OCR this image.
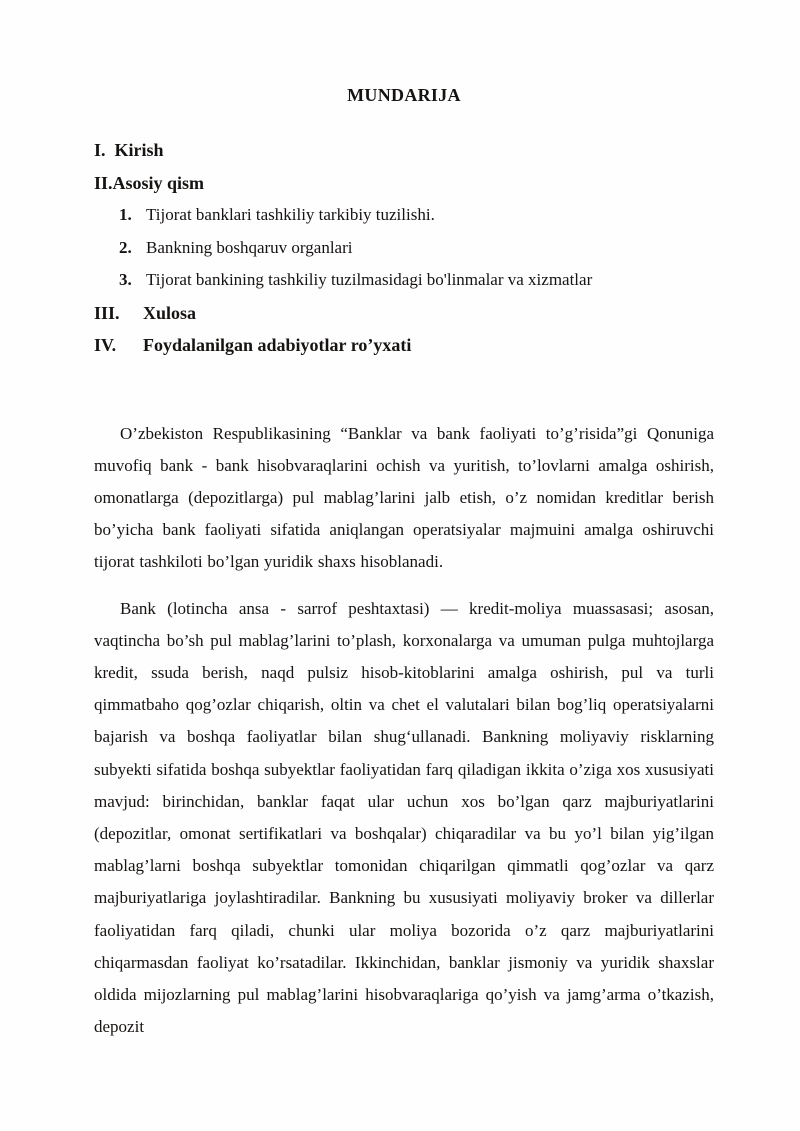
MUNDARIJA
I. Kirish
II. Asosiy qism
1. Tijorat banklari tashkiliy tarkibiy tuzilishi.
2. Bankning boshqaruv organlari
3. Tijorat bankining tashkiliy tuzilmasidagi bo'linmalar va xizmatlar
III.	Xulosa
IV.	Foydalanilgan adabiyotlar ro’yxati

O’zbekiston Respublikasining “Banklar va bank faoliyati to’g’risida”gi Qonuniga muvofiq bank - bank hisobvaraqlarini ochish va yuritish, to’lovlarni amalga oshirish, omonatlarga (depozitlarga) pul mablag’larini jalb etish, o’z nomidan kreditlar berish bo’yicha bank faoliyati sifatida aniqlangan operatsiyalar majmuini amalga oshiruvchi tijorat tashkiloti bo’lgan yuridik shaxs hisoblanadi.

Bank (lotincha ansa - sarrof peshtaxtasi) — kredit-moliya muassasasi; asosan, vaqtincha bo’sh pul mablag’larini to’plash, korxonalarga va umuman pulga muhtojlarga kredit, ssuda berish, naqd pulsiz hisob-kitoblarini amalga oshirish, pul va turli qimmatbaho qog’ozlar chiqarish, oltin va chet el valutalari bilan bog’liq operatsiyalarni bajarish va boshqa faoliyatlar bilan shug‘ullanadi. Bankning moliyaviy risklarning subyekti sifatida boshqa subyektlar faoliyatidan farq qiladigan ikkita o’ziga xos xususiyati mavjud: birinchidan, banklar faqat ular uchun xos bo’lgan qarz majburiyatlarini (depozitlar, omonat sertifikatlari va boshqalar) chiqaradilar va bu yo’l bilan yig’ilgan mablag’larni boshqa subyektlar tomonidan chiqarilgan qimmatli qog’ozlar va qarz majburiyatlariga joylashtiradilar. Bankning bu xususiyati moliyaviy broker va dillerlar faoliyatidan farq qiladi, chunki ular moliya bozorida o’z qarz majburiyatlarini chiqarmasdan faoliyat ko’rsatadilar. Ikkinchidan, banklar jismoniy va yuridik shaxslar oldida mijozlarning pul mablag’larini hisobvaraqlariga qo’yish va jamg’arma o’tkazish, depozit
